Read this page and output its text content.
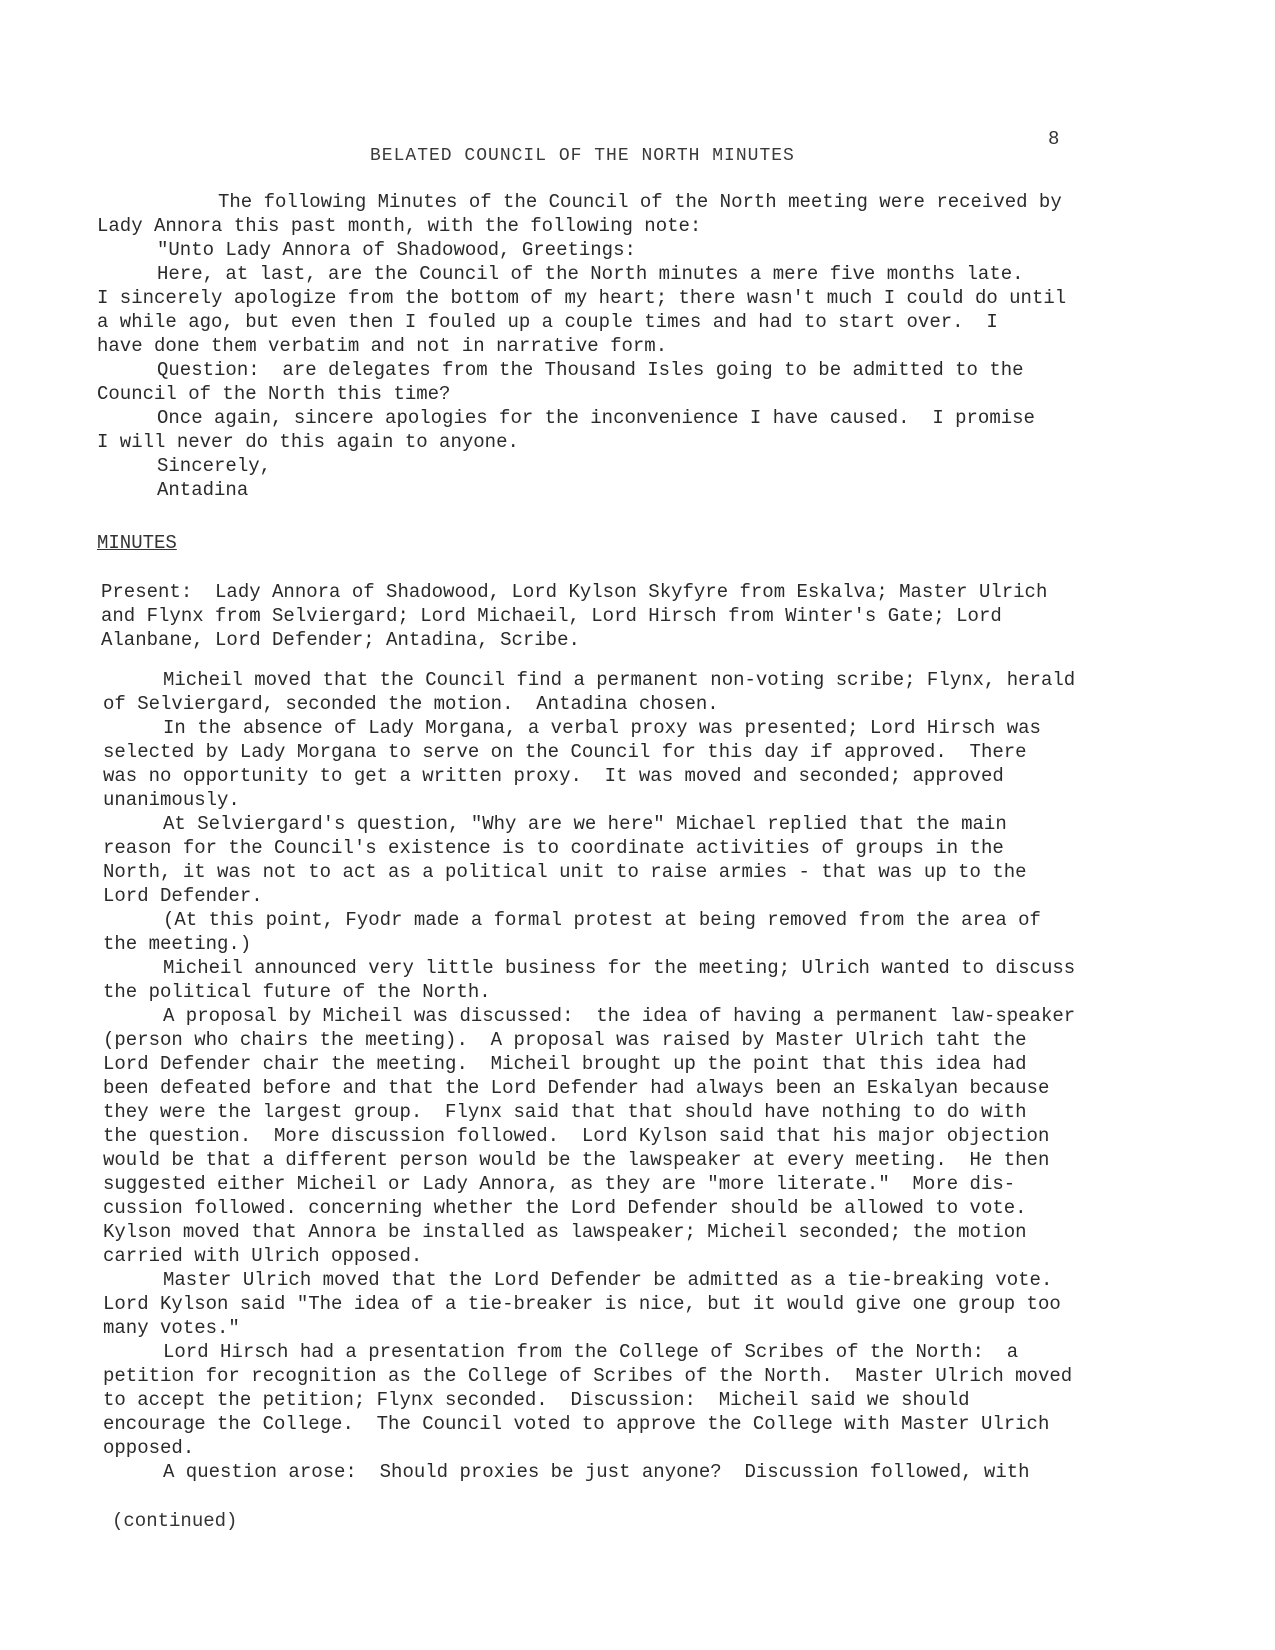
8
BELATED COUNCIL OF THE NORTH MINUTES
The following Minutes of the Council of the North meeting were received by
Lady Annora this past month, with the following note:
"Unto Lady Annora of Shadowood, Greetings:
Here, at last, are the Council of the North minutes a mere five months late.
I sincerely apologize from the bottom of my heart; there wasn't much I could do until
a while ago, but even then I fouled up a couple times and had to start over.  I
have done them verbatim and not in narrative form.
Question:  are delegates from the Thousand Isles going to be admitted to the
Council of the North this time?
Once again, sincere apologies for the inconvenience I have caused.  I promise
I will never do this again to anyone.
Sincerely,
Antadina
MINUTES
Present:  Lady Annora of Shadowood, Lord Kylson Skyfyre from Eskalva; Master Ulrich
and Flynx from Selviergard; Lord Michaeil, Lord Hirsch from Winter's Gate; Lord
Alanbane, Lord Defender; Antadina, Scribe.
Micheil moved that the Council find a permanent non-voting scribe; Flynx, herald
of Selviergard, seconded the motion.  Antadina chosen.
In the absence of Lady Morgana, a verbal proxy was presented; Lord Hirsch was
selected by Lady Morgana to serve on the Council for this day if approved.  There
was no opportunity to get a written proxy.  It was moved and seconded; approved
unanimously.
At Selviergard's question, "Why are we here" Michael replied that the main
reason for the Council's existence is to coordinate activities of groups in the
North, it was not to act as a political unit to raise armies - that was up to the
Lord Defender.
(At this point, Fyodr made a formal protest at being removed from the area of
the meeting.)
Micheil announced very little business for the meeting; Ulrich wanted to discuss
the political future of the North.
A proposal by Micheil was discussed:  the idea of having a permanent law-speaker
(person who chairs the meeting).  A proposal was raised by Master Ulrich taht the
Lord Defender chair the meeting.  Micheil brought up the point that this idea had
been defeated before and that the Lord Defender had always been an Eskalyan because
they were the largest group.  Flynx said that that should have nothing to do with
the question.  More discussion followed.  Lord Kylson said that his major objection
would be that a different person would be the lawspeaker at every meeting.  He then
suggested either Micheil or Lady Annora, as they are "more literate."  More dis-
cussion followed. concerning whether the Lord Defender should be allowed to vote.
Kylson moved that Annora be installed as lawspeaker; Micheil seconded; the motion
carried with Ulrich opposed.
Master Ulrich moved that the Lord Defender be admitted as a tie-breaking vote.
Lord Kylson said "The idea of a tie-breaker is nice, but it would give one group too
many votes."
Lord Hirsch had a presentation from the College of Scribes of the North:  a
petition for recognition as the College of Scribes of the North.  Master Ulrich moved
to accept the petition; Flynx seconded.  Discussion:  Micheil said we should
encourage the College.  The Council voted to approve the College with Master Ulrich
opposed.
A question arose:  Should proxies be just anyone?  Discussion followed, with
(continued)
